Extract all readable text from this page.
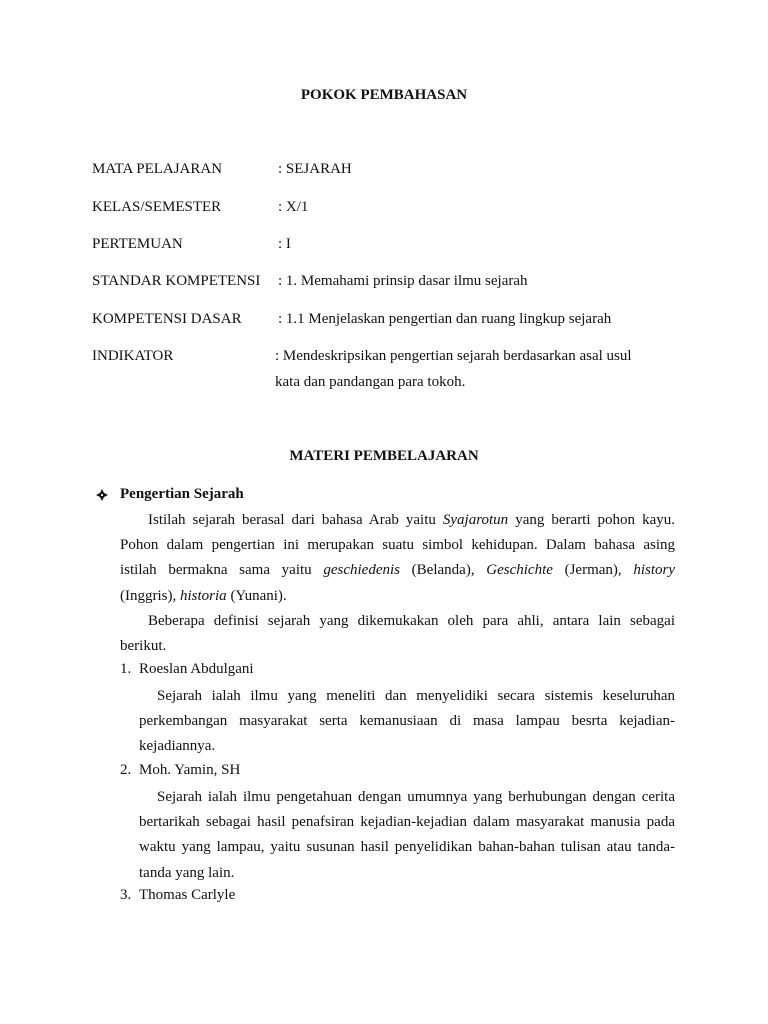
POKOK PEMBAHASAN
MATA PELAJARAN	: SEJARAH
KELAS/SEMESTER	: X/1
PERTEMUAN	: I
STANDAR KOMPETENSI : 1. Memahami prinsip dasar ilmu sejarah
KOMPETENSI DASAR : 1.1 Menjelaskan pengertian dan ruang lingkup sejarah
INDIKATOR	: Mendeskripsikan pengertian sejarah berdasarkan asal usul
kata dan pandangan para tokoh.
MATERI PEMBELAJARAN
Pengertian Sejarah
Istilah sejarah berasal dari bahasa Arab yaitu Syajarotun yang berarti pohon kayu.
Pohon dalam pengertian ini merupakan suatu simbol kehidupan. Dalam bahasa asing
istilah bermakna sama yaitu geschiedenis (Belanda), Geschichte (Jerman), history
(Inggris), historia (Yunani).
Beberapa definisi sejarah yang dikemukakan oleh para ahli, antara lain sebagai
berikut.
1. Roeslan Abdulgani
Sejarah ialah ilmu yang meneliti dan menyelidiki secara sistemis keseluruhan
perkembangan masyarakat serta kemanusiaan di masa lampau besrta kejadian-
kejadiannya.
2. Moh. Yamin, SH
Sejarah ialah ilmu pengetahuan dengan umumnya yang berhubungan dengan cerita
bertarikah sebagai hasil penafsiran kejadian-kejadian dalam masyarakat manusia pada
waktu yang lampau, yaitu susunan hasil penyelidikan bahan-bahan tulisan atau tanda-
tanda yang lain.
3. Thomas Carlyle
